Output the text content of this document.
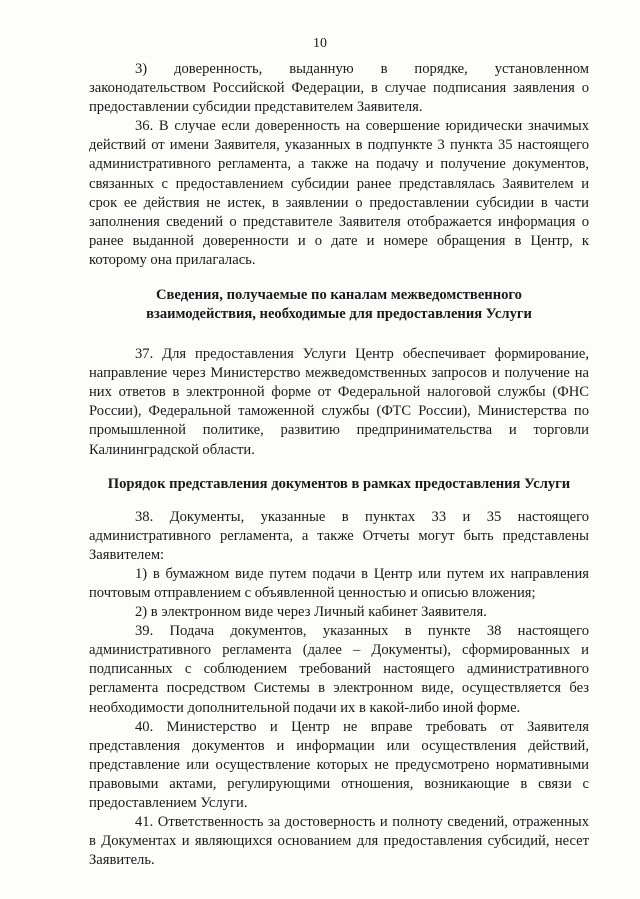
10

3) доверенность, выданную в порядке, установленном законодательством Российской Федерации, в случае подписания заявления о предоставлении субсидии представителем Заявителя.

36. В случае если доверенность на совершение юридически значимых действий от имени Заявителя, указанных в подпункте 3 пункта 35 настоящего административного регламента, а также на подачу и получение документов, связанных с предоставлением субсидии ранее представлялась Заявителем и срок ее действия не истек, в заявлении о предоставлении субсидии в части заполнения сведений о представителе Заявителя отображается информация о ранее выданной доверенности и о дате и номере обращения в Центр, к которому она прилагалась.

Сведения, получаемые по каналам межведомственного
взаимодействия, необходимые для предоставления Услуги

37. Для предоставления Услуги Центр обеспечивает формирование, направление через Министерство межведомственных запросов и получение на них ответов в электронной форме от Федеральной налоговой службы (ФНС России), Федеральной таможенной службы (ФТС России), Министерства по промышленной политике, развитию предпринимательства и торговли Калининградской области.

Порядок представления документов в рамках предоставления Услуги

38. Документы, указанные в пунктах 33 и 35 настоящего административного регламента, а также Отчеты могут быть представлены Заявителем:

1) в бумажном виде путем подачи в Центр или путем их направления почтовым отправлением с объявленной ценностью и описью вложения;

2) в электронном виде через Личный кабинет Заявителя.

39. Подача документов, указанных в пункте 38 настоящего административного регламента (далее – Документы), сформированных и подписанных с соблюдением требований настоящего административного регламента посредством Системы в электронном виде, осуществляется без необходимости дополнительной подачи их в какой-либо иной форме.

40. Министерство и Центр не вправе требовать от Заявителя представления документов и информации или осуществления действий, представление или осуществление которых не предусмотрено нормативными правовыми актами, регулирующими отношения, возникающие в связи с предоставлением Услуги.

41. Ответственность за достоверность и полноту сведений, отраженных в Документах и являющихся основанием для предоставления субсидий, несет Заявитель.
